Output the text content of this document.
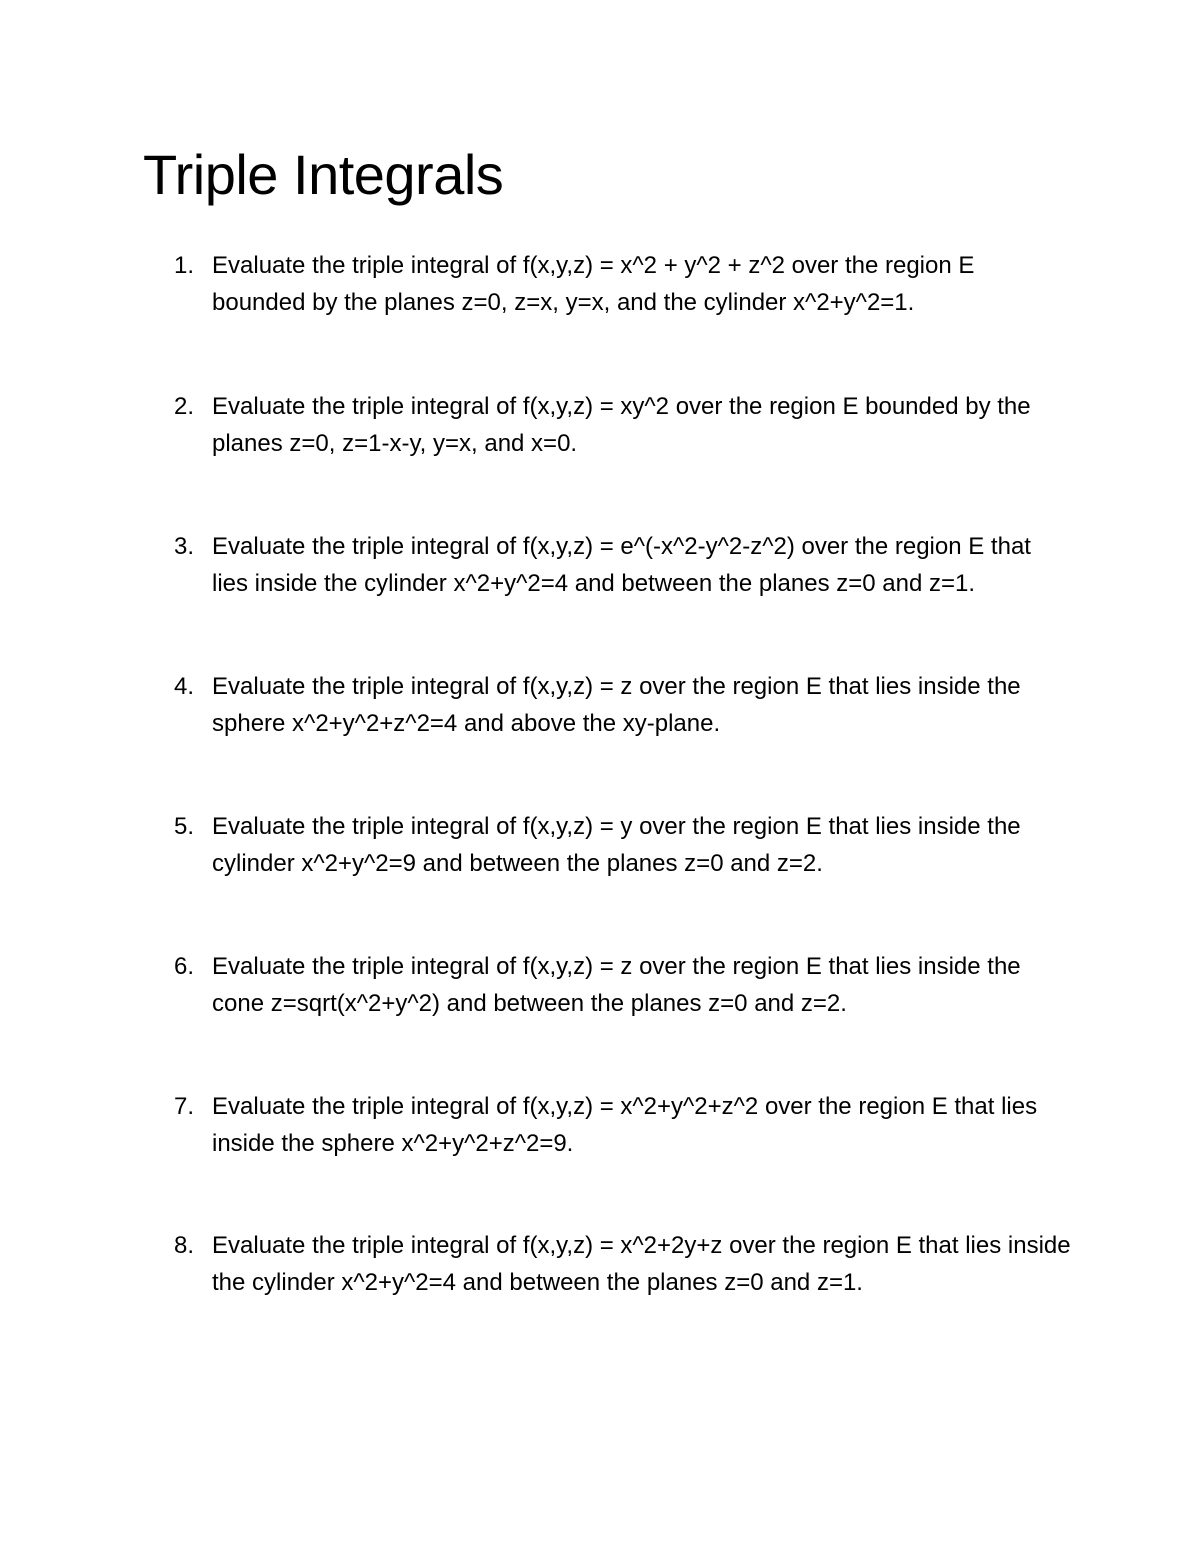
Triple Integrals
1. Evaluate the triple integral of f(x,y,z) = x^2 + y^2 + z^2 over the region E bounded by the planes z=0, z=x, y=x, and the cylinder x^2+y^2=1.
2. Evaluate the triple integral of f(x,y,z) = xy^2 over the region E bounded by the planes z=0, z=1-x-y, y=x, and x=0.
3. Evaluate the triple integral of f(x,y,z) = e^(-x^2-y^2-z^2) over the region E that lies inside the cylinder x^2+y^2=4 and between the planes z=0 and z=1.
4. Evaluate the triple integral of f(x,y,z) = z over the region E that lies inside the sphere x^2+y^2+z^2=4 and above the xy-plane.
5. Evaluate the triple integral of f(x,y,z) = y over the region E that lies inside the cylinder x^2+y^2=9 and between the planes z=0 and z=2.
6. Evaluate the triple integral of f(x,y,z) = z over the region E that lies inside the cone z=sqrt(x^2+y^2) and between the planes z=0 and z=2.
7. Evaluate the triple integral of f(x,y,z) = x^2+y^2+z^2 over the region E that lies inside the sphere x^2+y^2+z^2=9.
8. Evaluate the triple integral of f(x,y,z) = x^2+2y+z over the region E that lies inside the cylinder x^2+y^2=4 and between the planes z=0 and z=1.
